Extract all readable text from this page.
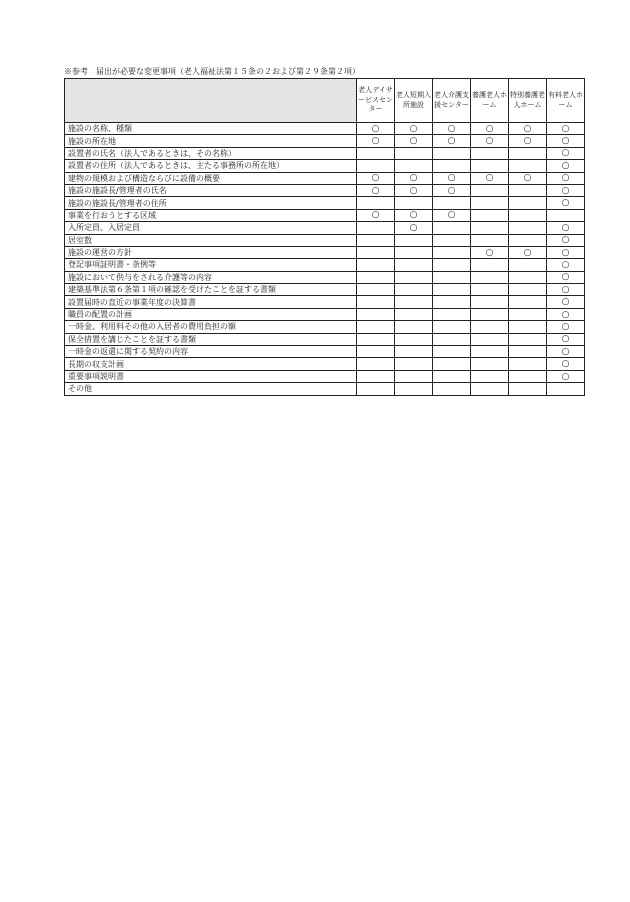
※参考　届出が必要な変更事項（老人福祉法第１５条の２および第２９条第２項）
	老人デイサービスセンター	老人短期入所施設	老人介護支援センター	養護老人ホーム	特別養護老人ホーム	有料老人ホーム
施設の名称、種類	○	○	○	○	○	○
施設の所在地	○	○	○	○	○	○
設置者の氏名（法人であるときは、その名称）						○
設置者の住所（法人であるときは、主たる事務所の所在地）						○
建物の規模および構造ならびに設備の概要	○	○	○	○	○	○
施設の施設長/管理者の氏名	○	○	○			○
施設の施設長/管理者の住所						○
事業を行おうとする区域	○	○	○			
入所定員、入居定員		○				○
居室数						○
施設の運営の方針				○	○	○
登記事項証明書・条例等						○
施設において供与をされる介護等の内容						○
建築基準法第６条第１項の確認を受けたことを証する書類						○
設置届時の直近の事業年度の決算書						○
職員の配置の計画						○
一時金、利用料その他の入居者の費用負担の額						○
保全措置を講じたことを証する書類						○
一時金の返還に関する契約の内容						○
長期の収支計画						○
重要事項説明書						○
その他						
